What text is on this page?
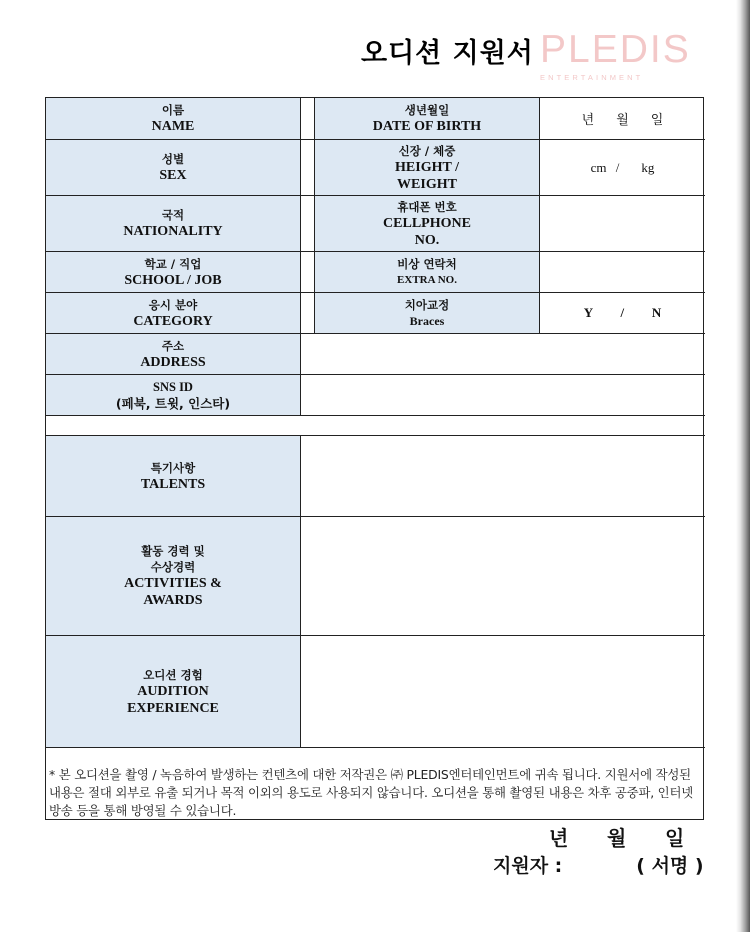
오디션 지원서 PLEDIS
ENTERTAINMENT
이름
NAME
생년월일
DATE OF BIRTH	년 월 일
성별
SEX
신장 / 체중
HEIGHT / WEIGHT
cm / kg
국적
NATIONALITY
휴대폰 번호
CELLPHONE NO.
학교 / 직업
SCHOOL / JOB
비상 연락처
EXTRA NO.
응시 분야
CATEGORY
치아교정
Braces
Y   /   N
주소
ADDRESS
SNS ID
(페북, 트윗, 인스타)
특기사항
TALENTS
활동 경력 및
수상경력
ACTIVITIES &
AWARDS
오디션 경험
AUDITION
EXPERIENCE
* 본 오디션을 촬영 / 녹음하여 발생하는 컨텐츠에 대한 저작권은 ㈜ PLEDIS엔터테인먼트에 귀속 됩니다. 지원서에 작성된 내용은 절대 외부로 유출 되거나 목적 이외의 용도로 사용되지 않습니다. 오디션을 통해 촬영된 내용은 차후 공중파, 인터넷 방송 등을 통해 방영될 수 있습니다.
년 월 일
지원자 :	( 서명 )
